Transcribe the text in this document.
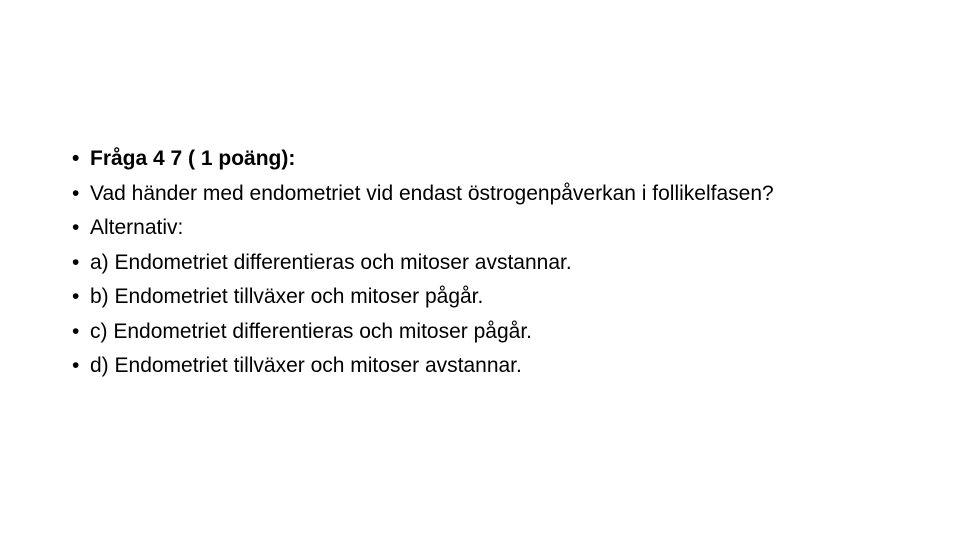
• Fråga 4 7 ( 1 poäng):
• Vad händer med endometriet vid endast östrogenpåverkan i follikelfasen?
• Alternativ:
• a) Endometriet differentieras och mitoser avstannar.
• b) Endometriet tillväxer och mitoser pågår.
• c) Endometriet differentieras och mitoser pågår.
• d) Endometriet tillväxer och mitoser avstannar.
